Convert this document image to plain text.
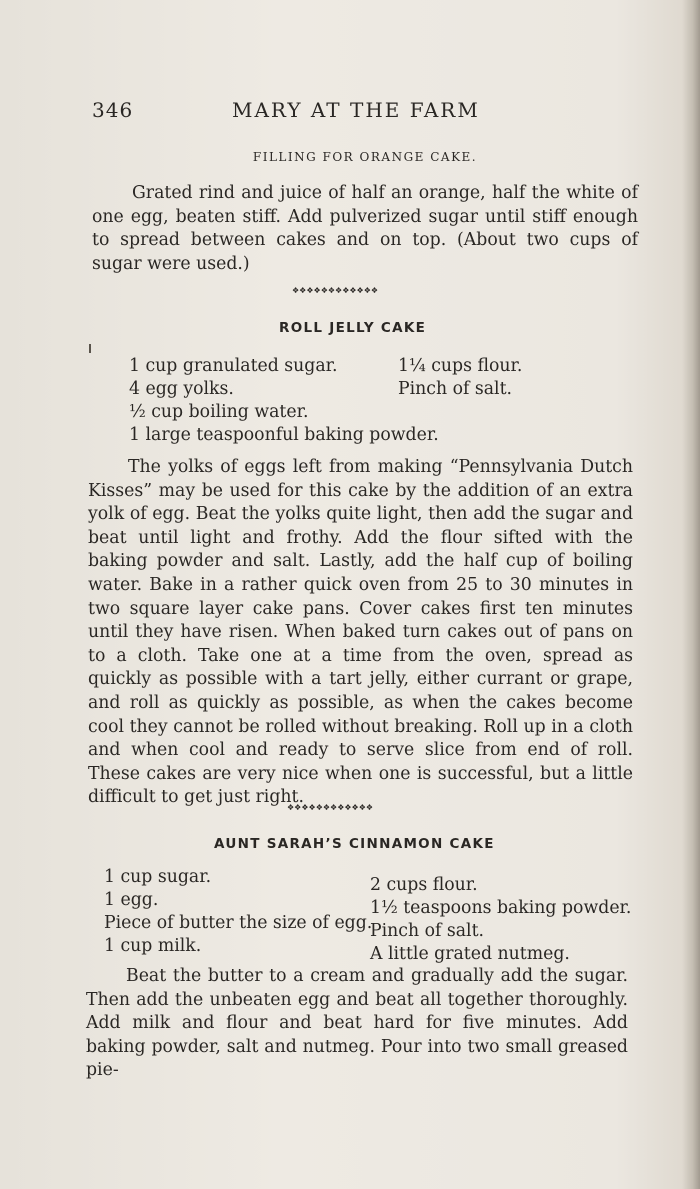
346	MARY AT THE FARM
FILLING FOR ORANGE CAKE.
Grated rind and juice of half an orange, half the white of one egg, beaten stiff. Add pulverized sugar until stiff enough to spread between cakes and on top. (About two cups of sugar were used.)
❖❖❖❖❖❖❖❖❖❖❖❖
ROLL JELLY CAKE
1 cup granulated sugar.
4 egg yolks.
½ cup boiling water.
1 large teaspoonful baking powder.
1¼ cups flour.
Pinch of salt.
The yolks of eggs left from making “Pennsylvania Dutch Kisses” may be used for this cake by the addition of an extra yolk of egg. Beat the yolks quite light, then add the sugar and beat until light and frothy. Add the flour sifted with the baking powder and salt. Lastly, add the half cup of boiling water. Bake in a rather quick oven from 25 to 30 minutes in two square layer cake pans. Cover cakes first ten minutes until they have risen. When baked turn cakes out of pans on to a cloth. Take one at a time from the oven, spread as quickly as possible with a tart jelly, either currant or grape, and roll as quickly as possible, as when the cakes become cool they cannot be rolled without breaking. Roll up in a cloth and when cool and ready to serve slice from end of roll. These cakes are very nice when one is successful, but a little difficult to get just right.
❖❖❖❖❖❖❖❖❖❖❖❖
AUNT SARAH’S CINNAMON CAKE
1 cup sugar.
1 egg.
Piece of butter the size of egg.
1 cup milk.
2 cups flour.
1½ teaspoons baking powder.
Pinch of salt.
A little grated nutmeg.
Beat the butter to a cream and gradually add the sugar. Then add the unbeaten egg and beat all together thoroughly. Add milk and flour and beat hard for five minutes. Add baking powder, salt and nutmeg. Pour into two small greased pie-
